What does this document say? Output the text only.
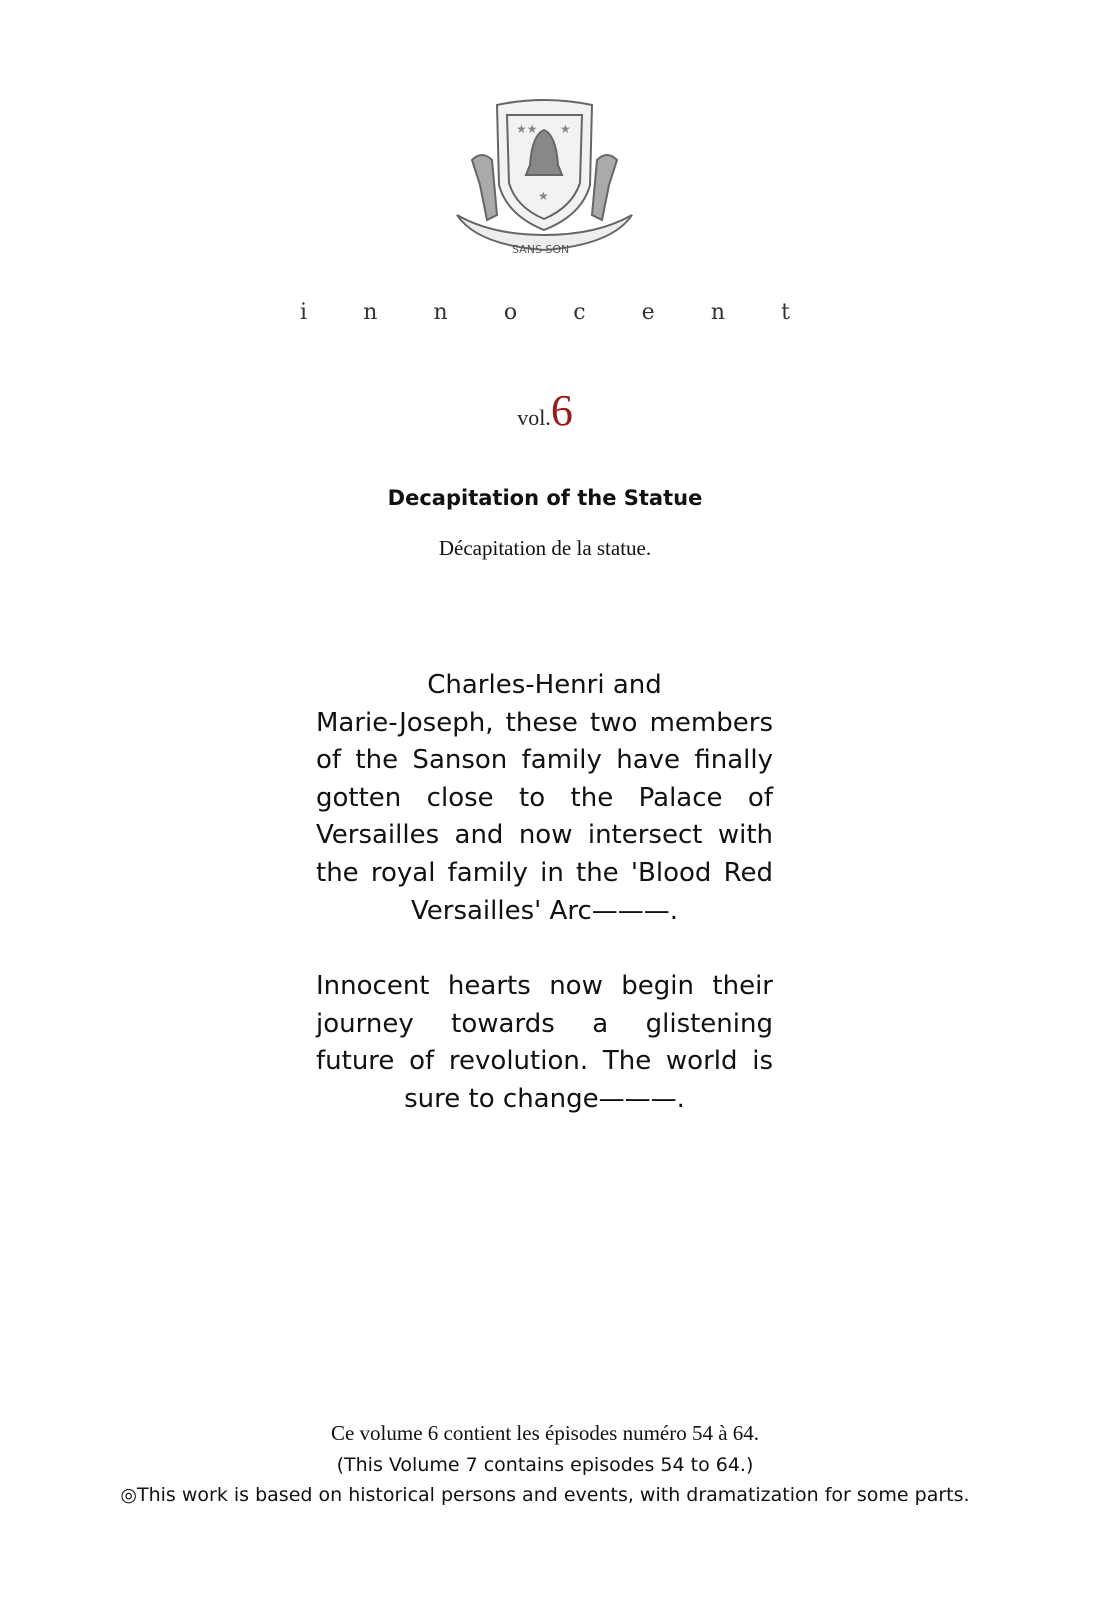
★★ ★
★
SANS SON
i	n	n	o	c	e	n	t
vol.6
Decapitation of the Statue
Décapitation de la statue.
Charles-Henri and
Marie-Joseph, these two members
of the Sanson family have finally
gotten close to the Palace of
Versailles and now intersect with
the royal family in the 'Blood Red
Versailles' Arc———.
Innocent hearts now begin their
journey towards a glistening
future of revolution. The world is
sure to change———.
Ce volume 6 contient les épisodes numéro 54 à 64.
(This Volume 7 contains episodes 54 to 64.)
◎This work is based on historical persons and events, with dramatization for some parts.
